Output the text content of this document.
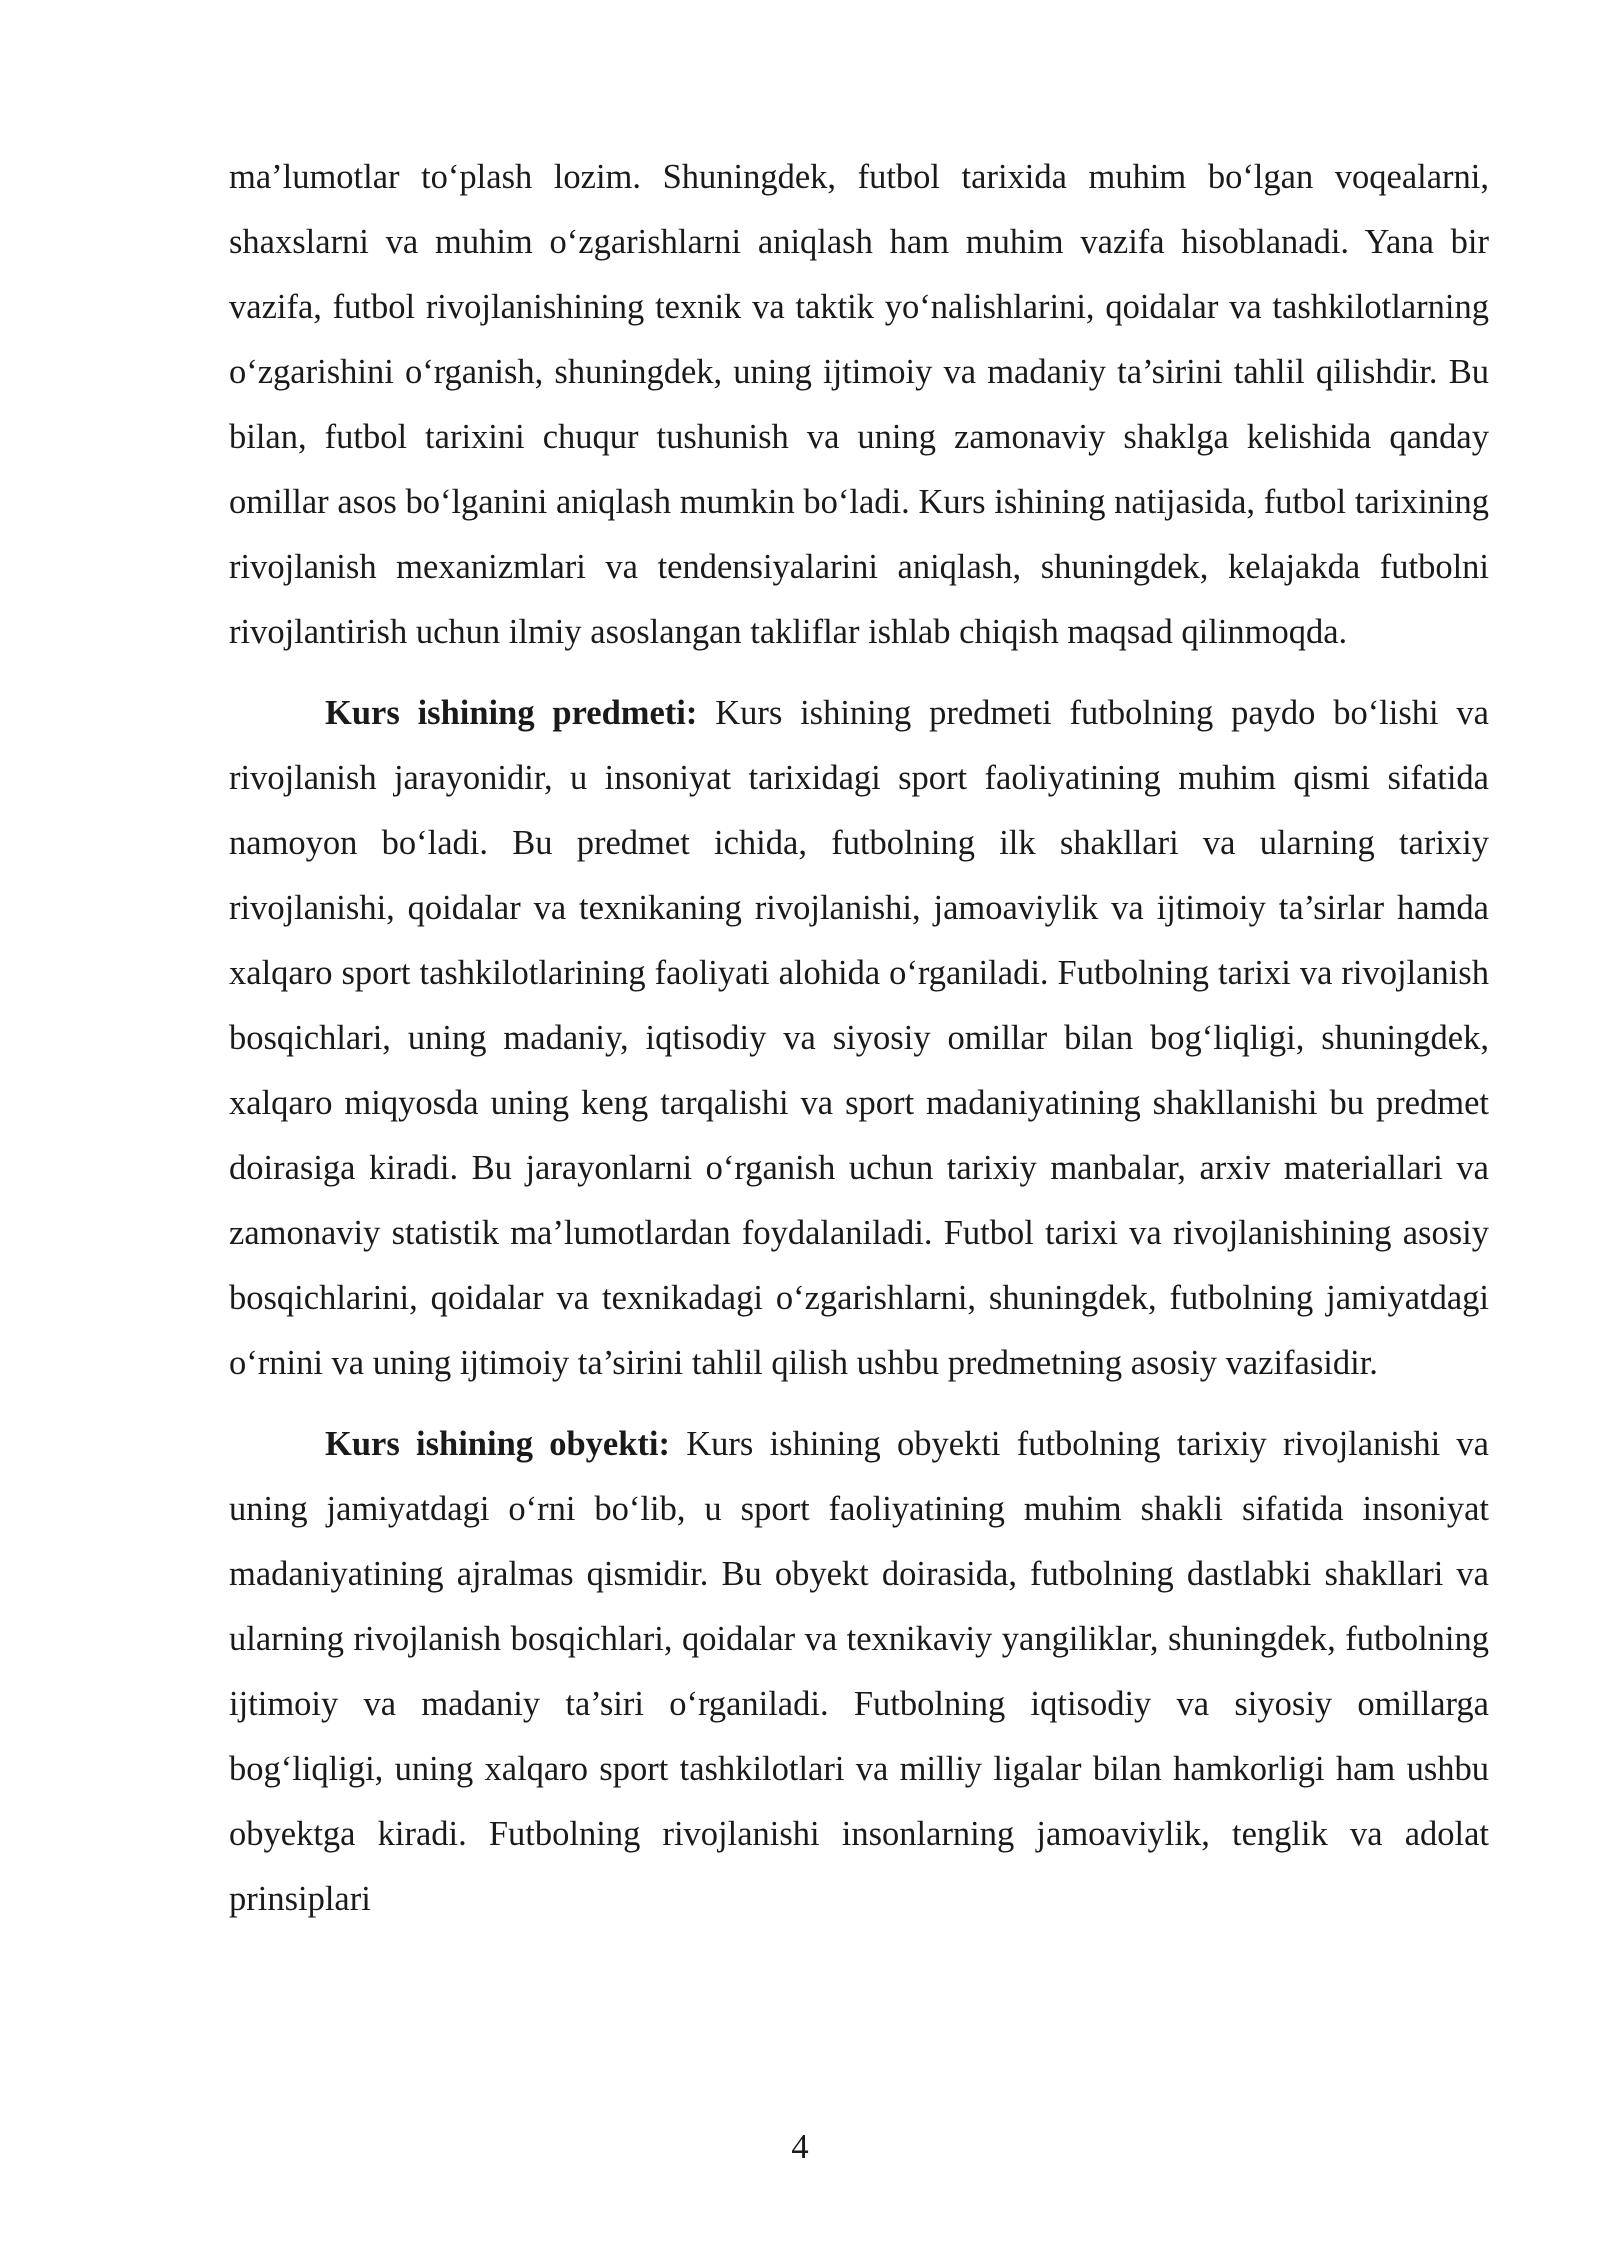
ma’lumotlar to‘plash lozim. Shuningdek, futbol tarixida muhim bo‘lgan voqealarni, shaxslarni va muhim o‘zgarishlarni aniqlash ham muhim vazifa hisoblanadi. Yana bir vazifa, futbol rivojlanishining texnik va taktik yo‘nalishlarini, qoidalar va tashkilotlarning o‘zgarishini o‘rganish, shuningdek, uning ijtimoiy va madaniy ta’sirini tahlil qilishdir. Bu bilan, futbol tarixini chuqur tushunish va uning zamonaviy shaklga kelishida qanday omillar asos bo‘lganini aniqlash mumkin bo‘ladi. Kurs ishining natijasida, futbol tarixining rivojlanish mexanizmlari va tendensiyalarini aniqlash, shuningdek, kelajakda futbolni rivojlantirish uchun ilmiy asoslangan takliflar ishlab chiqish maqsad qilinmoqda.

Kurs ishining predmeti: Kurs ishining predmeti futbolning paydo bo‘lishi va rivojlanish jarayonidir, u insoniyat tarixidagi sport faoliyatining muhim qismi sifatida namoyon bo‘ladi. Bu predmet ichida, futbolning ilk shakllari va ularning tarixiy rivojlanishi, qoidalar va texnikaning rivojlanishi, jamoaviylik va ijtimoiy ta’sirlar hamda xalqaro sport tashkilotlarining faoliyati alohida o‘rganiladi. Futbolning tarixi va rivojlanish bosqichlari, uning madaniy, iqtisodiy va siyosiy omillar bilan bog‘liqligi, shuningdek, xalqaro miqyosda uning keng tarqalishi va sport madaniyatining shakllanishi bu predmet doirasiga kiradi. Bu jarayonlarni o‘rganish uchun tarixiy manbalar, arxiv materiallari va zamonaviy statistik ma’lumotlardan foydalaniladi. Futbol tarixi va rivojlanishining asosiy bosqichlarini, qoidalar va texnikadagi o‘zgarishlarni, shuningdek, futbolning jamiyatdagi o‘rnini va uning ijtimoiy ta’sirini tahlil qilish ushbu predmetning asosiy vazifasidir.

Kurs ishining obyekti: Kurs ishining obyekti futbolning tarixiy rivojlanishi va uning jamiyatdagi o‘rni bo‘lib, u sport faoliyatining muhim shakli sifatida insoniyat madaniyatining ajralmas qismidir. Bu obyekt doirasida, futbolning dastlabki shakllari va ularning rivojlanish bosqichlari, qoidalar va texnikaviy yangiliklar, shuningdek, futbolning ijtimoiy va madaniy ta’siri o‘rganiladi. Futbolning iqtisodiy va siyosiy omillarga bog‘liqligi, uning xalqaro sport tashkilotlari va milliy ligalar bilan hamkorligi ham ushbu obyektga kiradi. Futbolning rivojlanishi insonlarning jamoaviylik, tenglik va adolat prinsiplari

4
